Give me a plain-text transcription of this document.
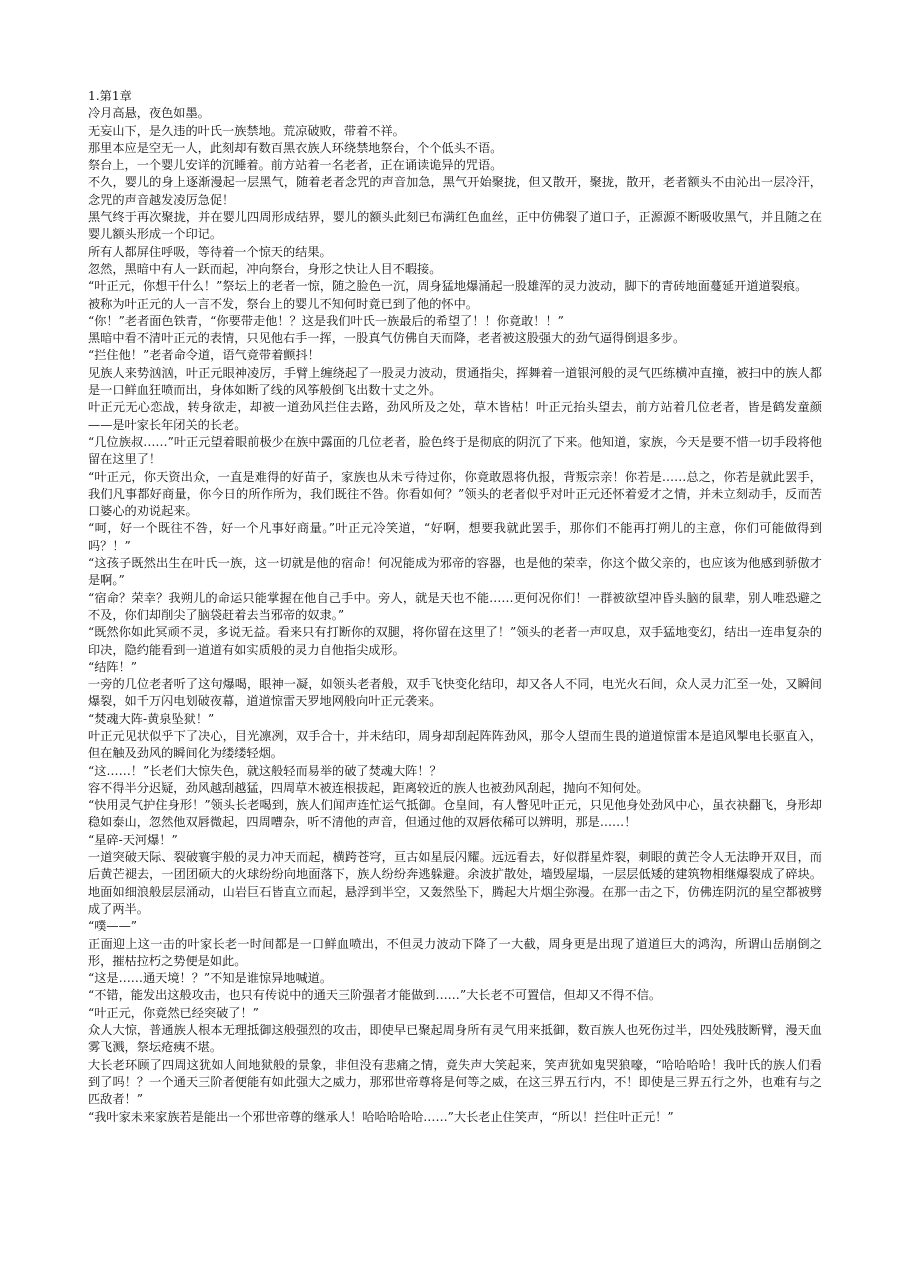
1.第1章

冷月高悬，夜色如墨。

无妄山下，是久违的叶氏一族禁地。荒凉破败，带着不祥。

那里本应是空无一人，此刻却有数百黑衣族人环绕禁地祭台，个个低头不语。

祭台上，一个婴儿安详的沉睡着。前方站着一名老者，正在诵读诡异的咒语。

不久，婴儿的身上逐渐漫起一层黑气，随着老者念咒的声音加急，黑气开始聚拢，但又散开，聚拢，散开，老者额头不由沁出一层冷汗，念咒的声音越发凌厉急促！

黑气终于再次聚拢，并在婴儿四周形成结界，婴儿的额头此刻已布满红色血丝，正中仿佛裂了道口子，正源源不断吸收黑气，并且随之在婴儿额头形成一个印记。

所有人都屏住呼吸，等待着一个惊天的结果。

忽然，黑暗中有人一跃而起，冲向祭台，身形之快让人目不暇接。

“叶正元，你想干什么！”祭坛上的老者一惊，随之脸色一沉，周身猛地爆涌起一股雄浑的灵力波动，脚下的青砖地面蔓延开道道裂痕。

被称为叶正元的人一言不发，祭台上的婴儿不知何时竟已到了他的怀中。

“你！”老者面色铁青，“你要带走他！？这是我们叶氏一族最后的希望了！！你竟敢！！”

黑暗中看不清叶正元的表情，只见他右手一挥，一股真气仿佛自天而降，老者被这股强大的劲气逼得倒退多步。

“拦住他！”老者命令道，语气竟带着颤抖！

见族人来势汹汹，叶正元眼神凌厉，手臂上缠绕起了一股灵力波动，贯通指尖，挥舞着一道银河般的灵气匹练横冲直撞，被扫中的族人都是一口鲜血狂喷而出，身体如断了线的风筝般倒飞出数十丈之外。

叶正元无心恋战，转身欲走，却被一道劲风拦住去路，劲风所及之处，草木皆枯！叶正元抬头望去，前方站着几位老者，皆是鹤发童颜——是叶家长年闭关的长老。

“几位族叔……”叶正元望着眼前极少在族中露面的几位老者，脸色终于是彻底的阴沉了下来。他知道，家族，今天是要不惜一切手段将他留在这里了！

“叶正元，你天资出众，一直是难得的好苗子，家族也从未亏待过你，你竟敢恩将仇报，背叛宗亲！你若是……总之，你若是就此罢手，我们凡事都好商量，你今日的所作所为，我们既往不咎。你看如何？”领头的老者似乎对叶正元还怀着爱才之情，并未立刻动手，反而苦口婆心的劝说起来。

“呵，好一个既往不咎，好一个凡事好商量。”叶正元冷笑道，“好啊，想要我就此罢手，那你们不能再打朔儿的主意，你们可能做得到吗？！”

“这孩子既然出生在叶氏一族，这一切就是他的宿命！何况能成为邪帝的容器，也是他的荣幸，你这个做父亲的，也应该为他感到骄傲才是啊。”

“宿命？荣幸？我朔儿的命运只能掌握在他自己手中。旁人，就是天也不能……更何况你们！一群被欲望冲昏头脑的鼠辈，别人唯恐避之不及，你们却削尖了脑袋赶着去当邪帝的奴隶。”

“既然你如此冥顽不灵，多说无益。看来只有打断你的双腿，将你留在这里了！”领头的老者一声叹息，双手猛地变幻，结出一连串复杂的印决，隐约能看到一道道有如实质般的灵力自他指尖成形。

“结阵！”

一旁的几位老者听了这句爆喝，眼神一凝，如领头老者般，双手飞快变化结印，却又各人不同，电光火石间，众人灵力汇至一处，又瞬间爆裂，如千万闪电划破夜幕，道道惊雷天罗地网般向叶正元袭来。

“焚魂大阵-黄泉坠狱！”

叶正元见状似乎下了决心，目光凛冽，双手合十，并未结印，周身却刮起阵阵劲风，那令人望而生畏的道道惊雷本是追风掣电长驱直入，但在触及劲风的瞬间化为缕缕轻烟。

“这……！”长老们大惊失色，就这般轻而易举的破了焚魂大阵！？

容不得半分迟疑，劲风越刮越猛，四周草木被连根拔起，距离较近的族人也被劲风刮起，抛向不知何处。

“快用灵气护住身形！”领头长老喝到，族人们闻声连忙运气抵御。仓皇间，有人瞥见叶正元，只见他身处劲风中心，虽衣袂翻飞，身形却稳如泰山，忽然他双唇微起，四周嘈杂，听不清他的声音，但通过他的双唇依稀可以辨明，那是……！

“星碎-天河爆！”

一道突破天际、裂破寰宇般的灵力冲天而起，横跨苍穹，亘古如星辰闪耀。远远看去，好似群星炸裂，刺眼的黄芒令人无法睁开双目，而后黄芒褪去，一团团硕大的火球纷纷向地面落下，族人纷纷奔逃躲避。余波扩散处，墙毁屋塌，一层层低矮的建筑物相继爆裂成了碎块。地面如细浪般层层涌动，山岩巨石皆直立而起，悬浮到半空，又轰然坠下，腾起大片烟尘弥漫。在那一击之下，仿佛连阴沉的星空都被劈成了两半。

“噗——”

正面迎上这一击的叶家长老一时间都是一口鲜血喷出，不但灵力波动下降了一大截，周身更是出现了道道巨大的鸿沟，所谓山岳崩倒之形，摧枯拉朽之势便是如此。

“这是……通天境！？”不知是谁惊异地喊道。

“不错，能发出这般攻击，也只有传说中的通天三阶强者才能做到……”大长老不可置信，但却又不得不信。

“叶正元，你竟然已经突破了！”

众人大惊，普通族人根本无理抵御这般强烈的攻击，即使早已聚起周身所有灵气用来抵御，数百族人也死伤过半，四处残肢断臂，漫天血雾飞溅，祭坛疮痍不堪。

大长老环顾了四周这犹如人间地狱般的景象，非但没有悲痛之情，竟失声大笑起来，笑声犹如鬼哭狼嚎，“哈哈哈哈！我叶氏的族人们看到了吗！？一个通天三阶者便能有如此强大之威力，那邪世帝尊将是何等之威，在这三界五行内，不！即使是三界五行之外，也难有与之匹敌者！”

“我叶家未来家族若是能出一个邪世帝尊的继承人！哈哈哈哈哈……”大长老止住笑声，“所以！拦住叶正元！”
